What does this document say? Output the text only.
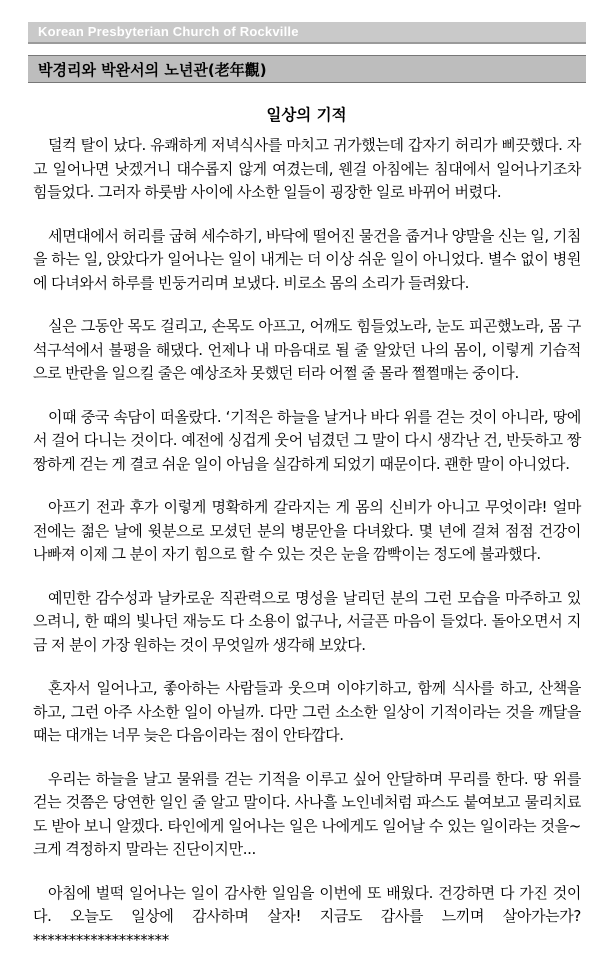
Korean Presbyterian Church of Rockville
박경리와 박완서의 노년관(老年觀)
일상의 기적

덜컥 탈이 났다. 유쾌하게 저녁식사를 마치고 귀가했는데 갑자기 허리가 삐끗했다. 자고 일어나면 낫겠거니 대수롭지 않게 여겼는데, 웬걸 아침에는 침대에서 일어나기조차 힘들었다. 그러자 하룻밤 사이에 사소한 일들이 굉장한 일로 바뀌어 버렸다.

세면대에서 허리를 굽혀 세수하기, 바닥에 떨어진 물건을 줍거나 양말을 신는 일, 기침을 하는 일, 앉았다가 일어나는 일이 내게는 더 이상 쉬운 일이 아니었다. 별수 없이 병원에 다녀와서 하루를 빈둥거리며 보냈다. 비로소 몸의 소리가 들려왔다.

실은 그동안 목도 걸리고, 손목도 아프고, 어깨도 힘들었노라, 눈도 피곤했노라, 몸 구석구석에서 불평을 해댔다. 언제나 내 마음대로 될 줄 알았던 나의 몸이, 이렇게 기습적으로 반란을 일으킬 줄은 예상조차 못했던 터라 어쩔 줄 몰라 쩔쩔매는 중이다.

이때 중국 속담이 떠올랐다. ‘기적은 하늘을 날거나 바다 위를 걷는 것이 아니라, 땅에서 걸어 다니는 것이다. 예전에 싱겁게 웃어 넘겼던 그 말이 다시 생각난 건, 반듯하고 짱짱하게 걷는 게 결코 쉬운 일이 아님을 실감하게 되었기 때문이다. 괜한 말이 아니었다.

아프기 전과 후가 이렇게 명확하게 갈라지는 게 몸의 신비가 아니고 무엇이랴! 얼마 전에는 젊은 날에 윗분으로 모셨던 분의 병문안을 다녀왔다. 몇 년에 걸쳐 점점 건강이 나빠져 이제 그 분이 자기 힘으로 할 수 있는 것은 눈을 깜빡이는 정도에 불과했다.

예민한 감수성과 날카로운 직관력으로 명성을 날리던 분의 그런 모습을 마주하고 있으려니, 한 때의 빛나던 재능도 다 소용이 없구나, 서글픈 마음이 들었다. 돌아오면서 지금 저 분이 가장 원하는 것이 무엇일까 생각해 보았다.

혼자서 일어나고, 좋아하는 사람들과 웃으며 이야기하고, 함께 식사를 하고, 산책을 하고, 그런 아주 사소한 일이 아닐까. 다만 그런 소소한 일상이 기적이라는 것을 깨달을 때는 대개는 너무 늦은 다음이라는 점이 안타깝다.

우리는 하늘을 날고 물위를 걷는 기적을 이루고 싶어 안달하며 무리를 한다. 땅 위를 걷는 것쯤은 당연한 일인 줄 알고 말이다. 사나흘 노인네처럼 파스도 붙여보고 물리치료도 받아 보니 알겠다. 타인에게 일어나는 일은 나에게도 일어날 수 있는 일이라는 것을~ 크게 격정하지 말라는 진단이지만...

아침에 벌떡 일어나는 일이 감사한 일임을 이번에 또 배웠다. 건강하면 다 가진 것이다. 오늘도 일상에 감사하며 살자! 지금도 감사를 느끼며 살아가는가? *******************
